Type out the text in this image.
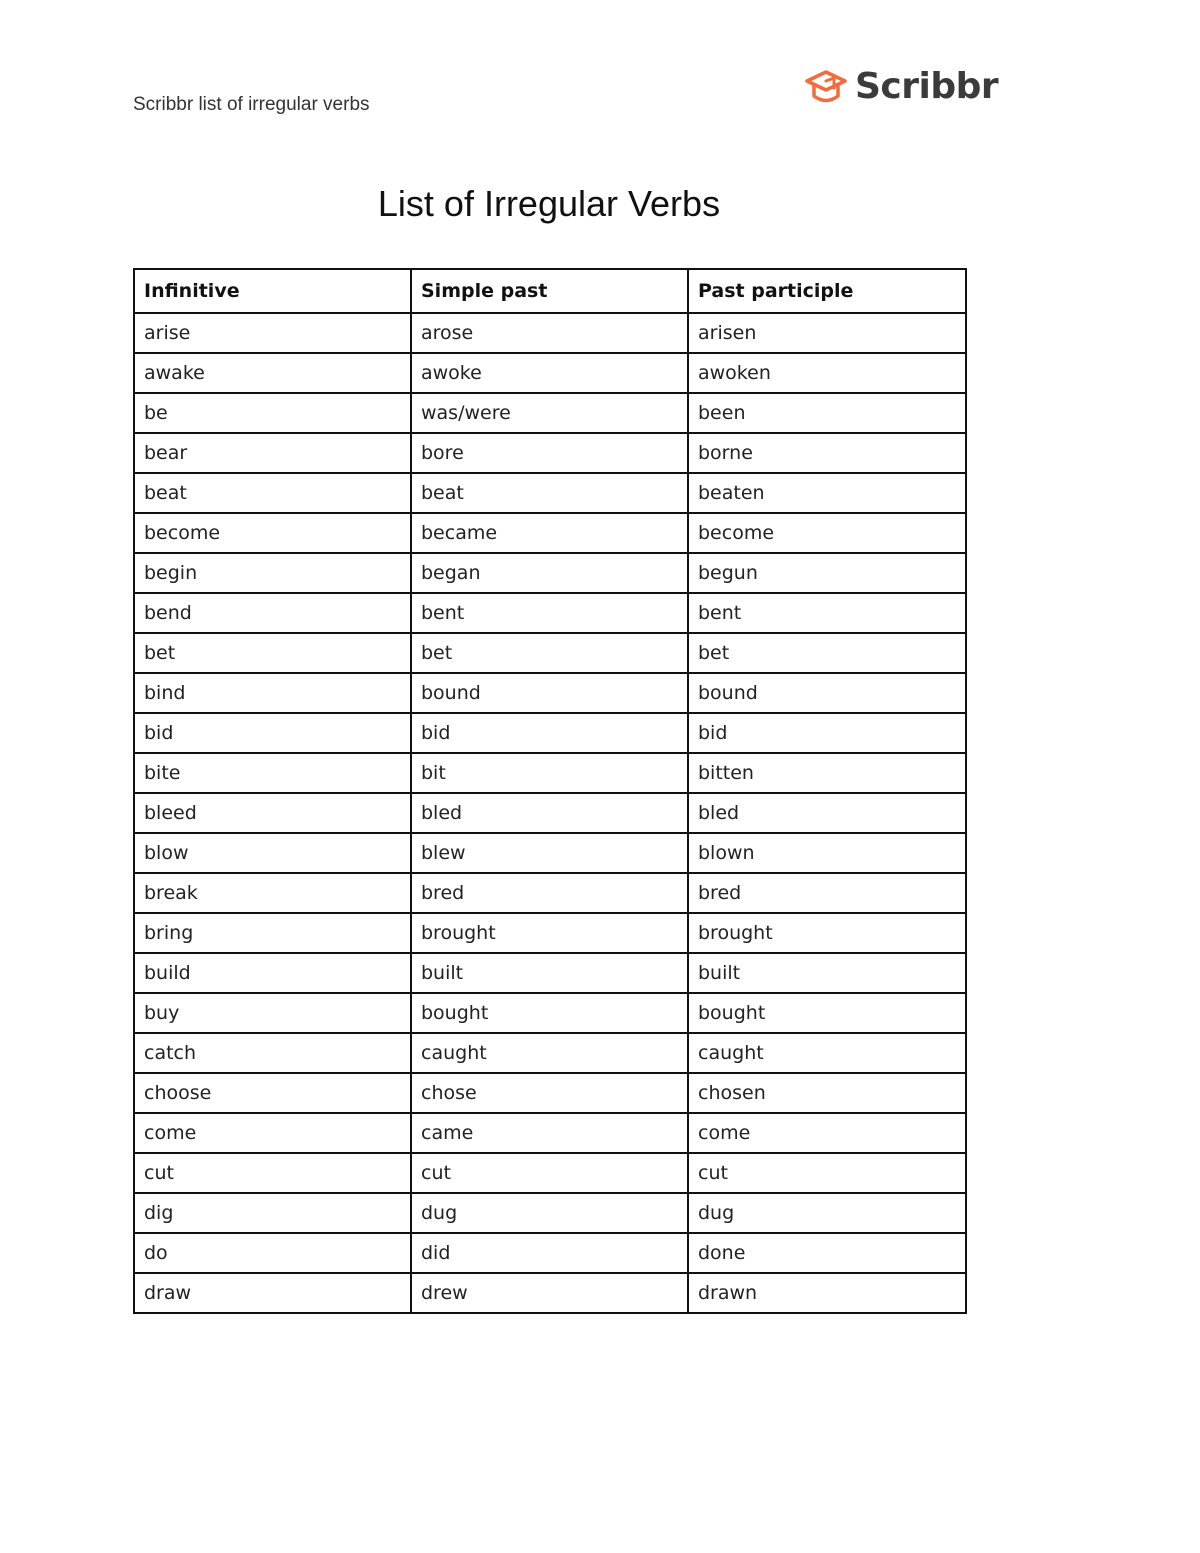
Scribbr list of irregular verbs	Scribbr
List of Irregular Verbs
Infinitive	Simple past	Past participle
arise	arose	arisen
awake	awoke	awoken
be	was/were	been
bear	bore	borne
beat	beat	beaten
become	became	become
begin	began	begun
bend	bent	bent
bet	bet	bet
bind	bound	bound
bid	bid	bid
bite	bit	bitten
bleed	bled	bled
blow	blew	blown
break	bred	bred
bring	brought	brought
build	built	built
buy	bought	bought
catch	caught	caught
choose	chose	chosen
come	came	come
cut	cut	cut
dig	dug	dug
do	did	done
draw	drew	drawn
